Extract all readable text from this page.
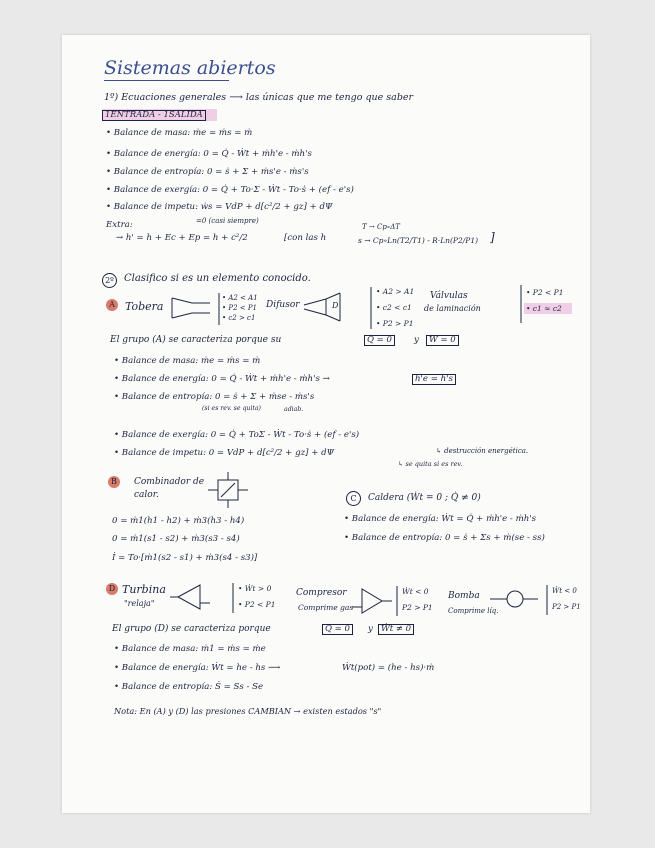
Sistemas abiertos
1º) Ecuaciones generales ⟶ las únicas que me tengo que saber
1ENTRADA - 1SALIDA
• Balance de masa: ṁe = ṁs = ṁ
• Balance de energía: 0 = Q̇ - Ẇt + ṁh'e - ṁh's
• Balance de entropía: 0 = ṡ + Σ + ṁs'e - ṁs's
• Balance de exergía: 0 = Q̇ + To·Σ - Ẇt - To·ṡ + (ef - e's)
• Balance de impetu: ẇs = VdP + d[c²/2 + gz] + dΨ
Extra:	=0 (casi siempre)
→ h' = h + Ec + Ep = h + c²/2	[con las h
T → Cp∘ΔT
s → Cp∘Ln(T2/T1) - R·Ln(P2/P1) ]
2º	Clasifico si es un elemento conocido.
A Tobera
• A2 < A1
• P2 < P1
• c2 > c1
Difusor	D
• A2 > A1
• c2 < c1
• P2 > P1
Válvulas
de laminación
• P2 < P1
• c1 ≈ c2
El grupo (A) se caracteriza porque su	Q = 0	y	W = 0
• Balance de masa: ṁe = ṁs = ṁ
• Balance de energía: 0 = Q̇ - Ẇt + ṁh'e - ṁh's →	h'e = h's
• Balance de entropía: 0 = ṡ + Σ + ṁse - ṁs's
(si es rev. se quita)	adiab.
• Balance de exergía: 0 = Q̇ + ToΣ - Ẇt - To·ṡ + (ef - e's)
• Balance de impetu: 0 = VdP + d[c²/2 + gz] + dΨ	↳ destrucción energética.
↳ se quita si es rev.
B	Combinador de
calor.
0 = ṁ1(h1 - h2) + ṁ3(h3 - h4)
0 = ṁ1(s1 - s2) + ṁ3(s3 - s4)
İ = To·[ṁ1(s2 - s1) + ṁ3(s4 - s3)]
C	Caldera (Ẇt = 0 ; Q̇ ≠ 0)
• Balance de energía: Ẇt = Q̇ + ṁh'e - ṁh's
• Balance de entropía: 0 = ṡ + Σs + ṁ(se - ss)
D Turbina
"relaja"
• Ẇt > 0
• P2 < P1
Compresor
Comprime gas
Ẇt < 0
P2 > P1
Bomba
Comprime líq.
Ẇt < 0
P2 > P1
El grupo (D) se caracteriza porque	Q = 0	y Ẇt ≠ 0
• Balance de masa: ṁ1 = ṁs = ṁe
• Balance de energía: Ẇt = he - hs ⟶	Ẇt(pot) = (he - hs)·ṁ
• Balance de entropía: Ṡ = Ss - Se
Nota: En (A) y (D) las presiones CAMBIAN → existen estados "s"
